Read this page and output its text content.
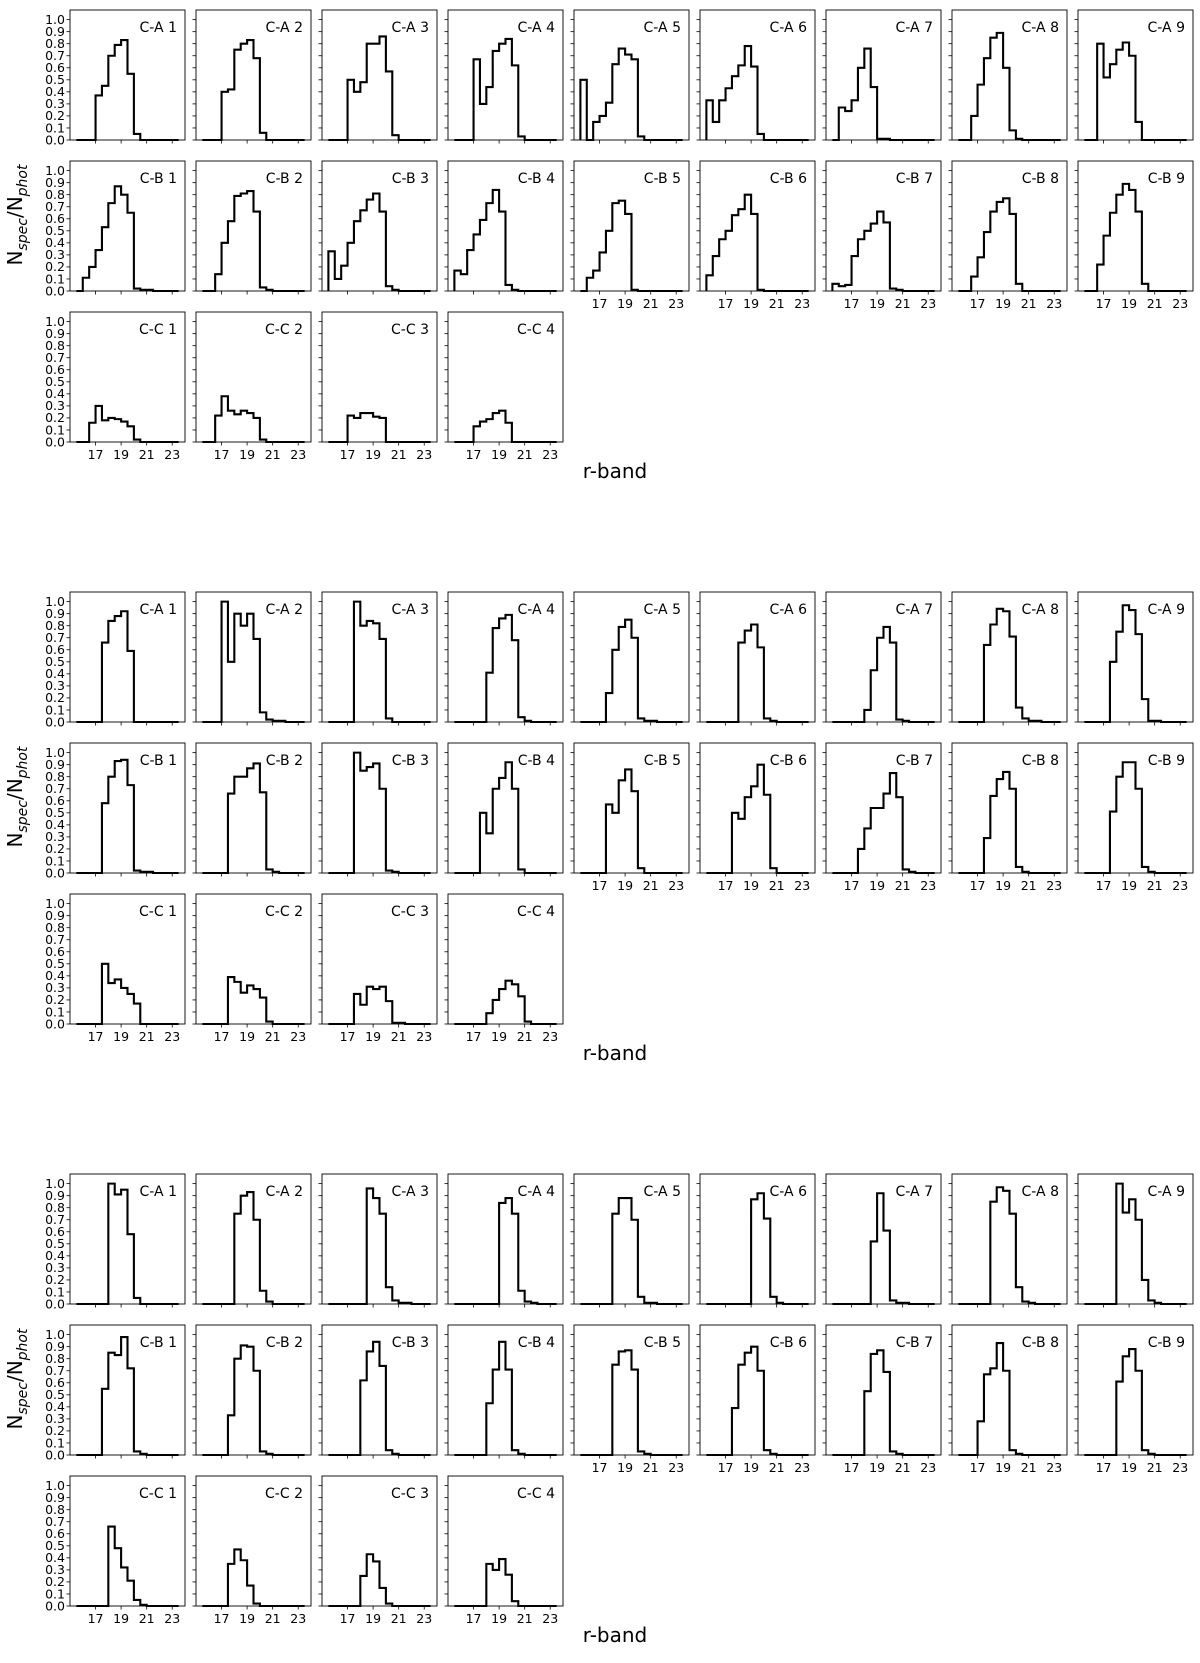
0.0
0.1
0.2
0.3
0.4
0.5
0.6
0.7
0.8
0.9
1.0
C-A 1	C-A 2	C-A 3	C-A 4	C-A 5	C-A 6	C-A 7	C-A 8	C-A 9
0.0
0.1
0.2
0.3
0.4
0.5
0.6
0.7
0.8
0.9
1.0
C-B 1	C-B 2	C-B 3	C-B 4
17 19 21 23
C-B 5
17 19 21 23
C-B 6
17 19 21 23
C-B 7
17 19 21 23
C-B 8
17 19 21 23
C-B 9
0.0
0.1
0.2
0.3
0.4
0.5
0.6
0.7
0.8
0.9
1.0
17 19 21 23
C-C 1
17 19 21 23
C-C 2
17 19 21 23
C-C 3
17 19 21 23
C-C 4
r-band
$N_{spec}/N_{phot}$
0.0
0.1
0.2
0.3
0.4
0.5
0.6
0.7
0.8
0.9
1.0
C-A 1	C-A 2	C-A 3	C-A 4	C-A 5	C-A 6	C-A 7	C-A 8	C-A 9
0.0
0.1
0.2
0.3
0.4
0.5
0.6
0.7
0.8
0.9
1.0
C-B 1	C-B 2	C-B 3	C-B 4
17 19 21 23
C-B 5
17 19 21 23
C-B 6
17 19 21 23
C-B 7
17 19 21 23
C-B 8
17 19 21 23
C-B 9
0.0
0.1
0.2
0.3
0.4
0.5
0.6
0.7
0.8
0.9
1.0
17 19 21 23
C-C 1
17 19 21 23
C-C 2
17 19 21 23
C-C 3
17 19 21 23
C-C 4
r-band
$N_{spec}/N_{phot}$
0.0
0.1
0.2
0.3
0.4
0.5
0.6
0.7
0.8
0.9
1.0
C-A 1	C-A 2	C-A 3	C-A 4	C-A 5	C-A 6	C-A 7	C-A 8	C-A 9
0.0
0.1
0.2
0.3
0.4
0.5
0.6
0.7
0.8
0.9
1.0
C-B 1	C-B 2	C-B 3	C-B 4
17 19 21 23
C-B 5
17 19 21 23
C-B 6
17 19 21 23
C-B 7
17 19 21 23
C-B 8
17 19 21 23
C-B 9
0.0
0.1
0.2
0.3
0.4
0.5
0.6
0.7
0.8
0.9
1.0
17 19 21 23
C-C 1
17 19 21 23
C-C 2
17 19 21 23
C-C 3
17 19 21 23
C-C 4
r-band
$N_{spec}/N_{phot}$
